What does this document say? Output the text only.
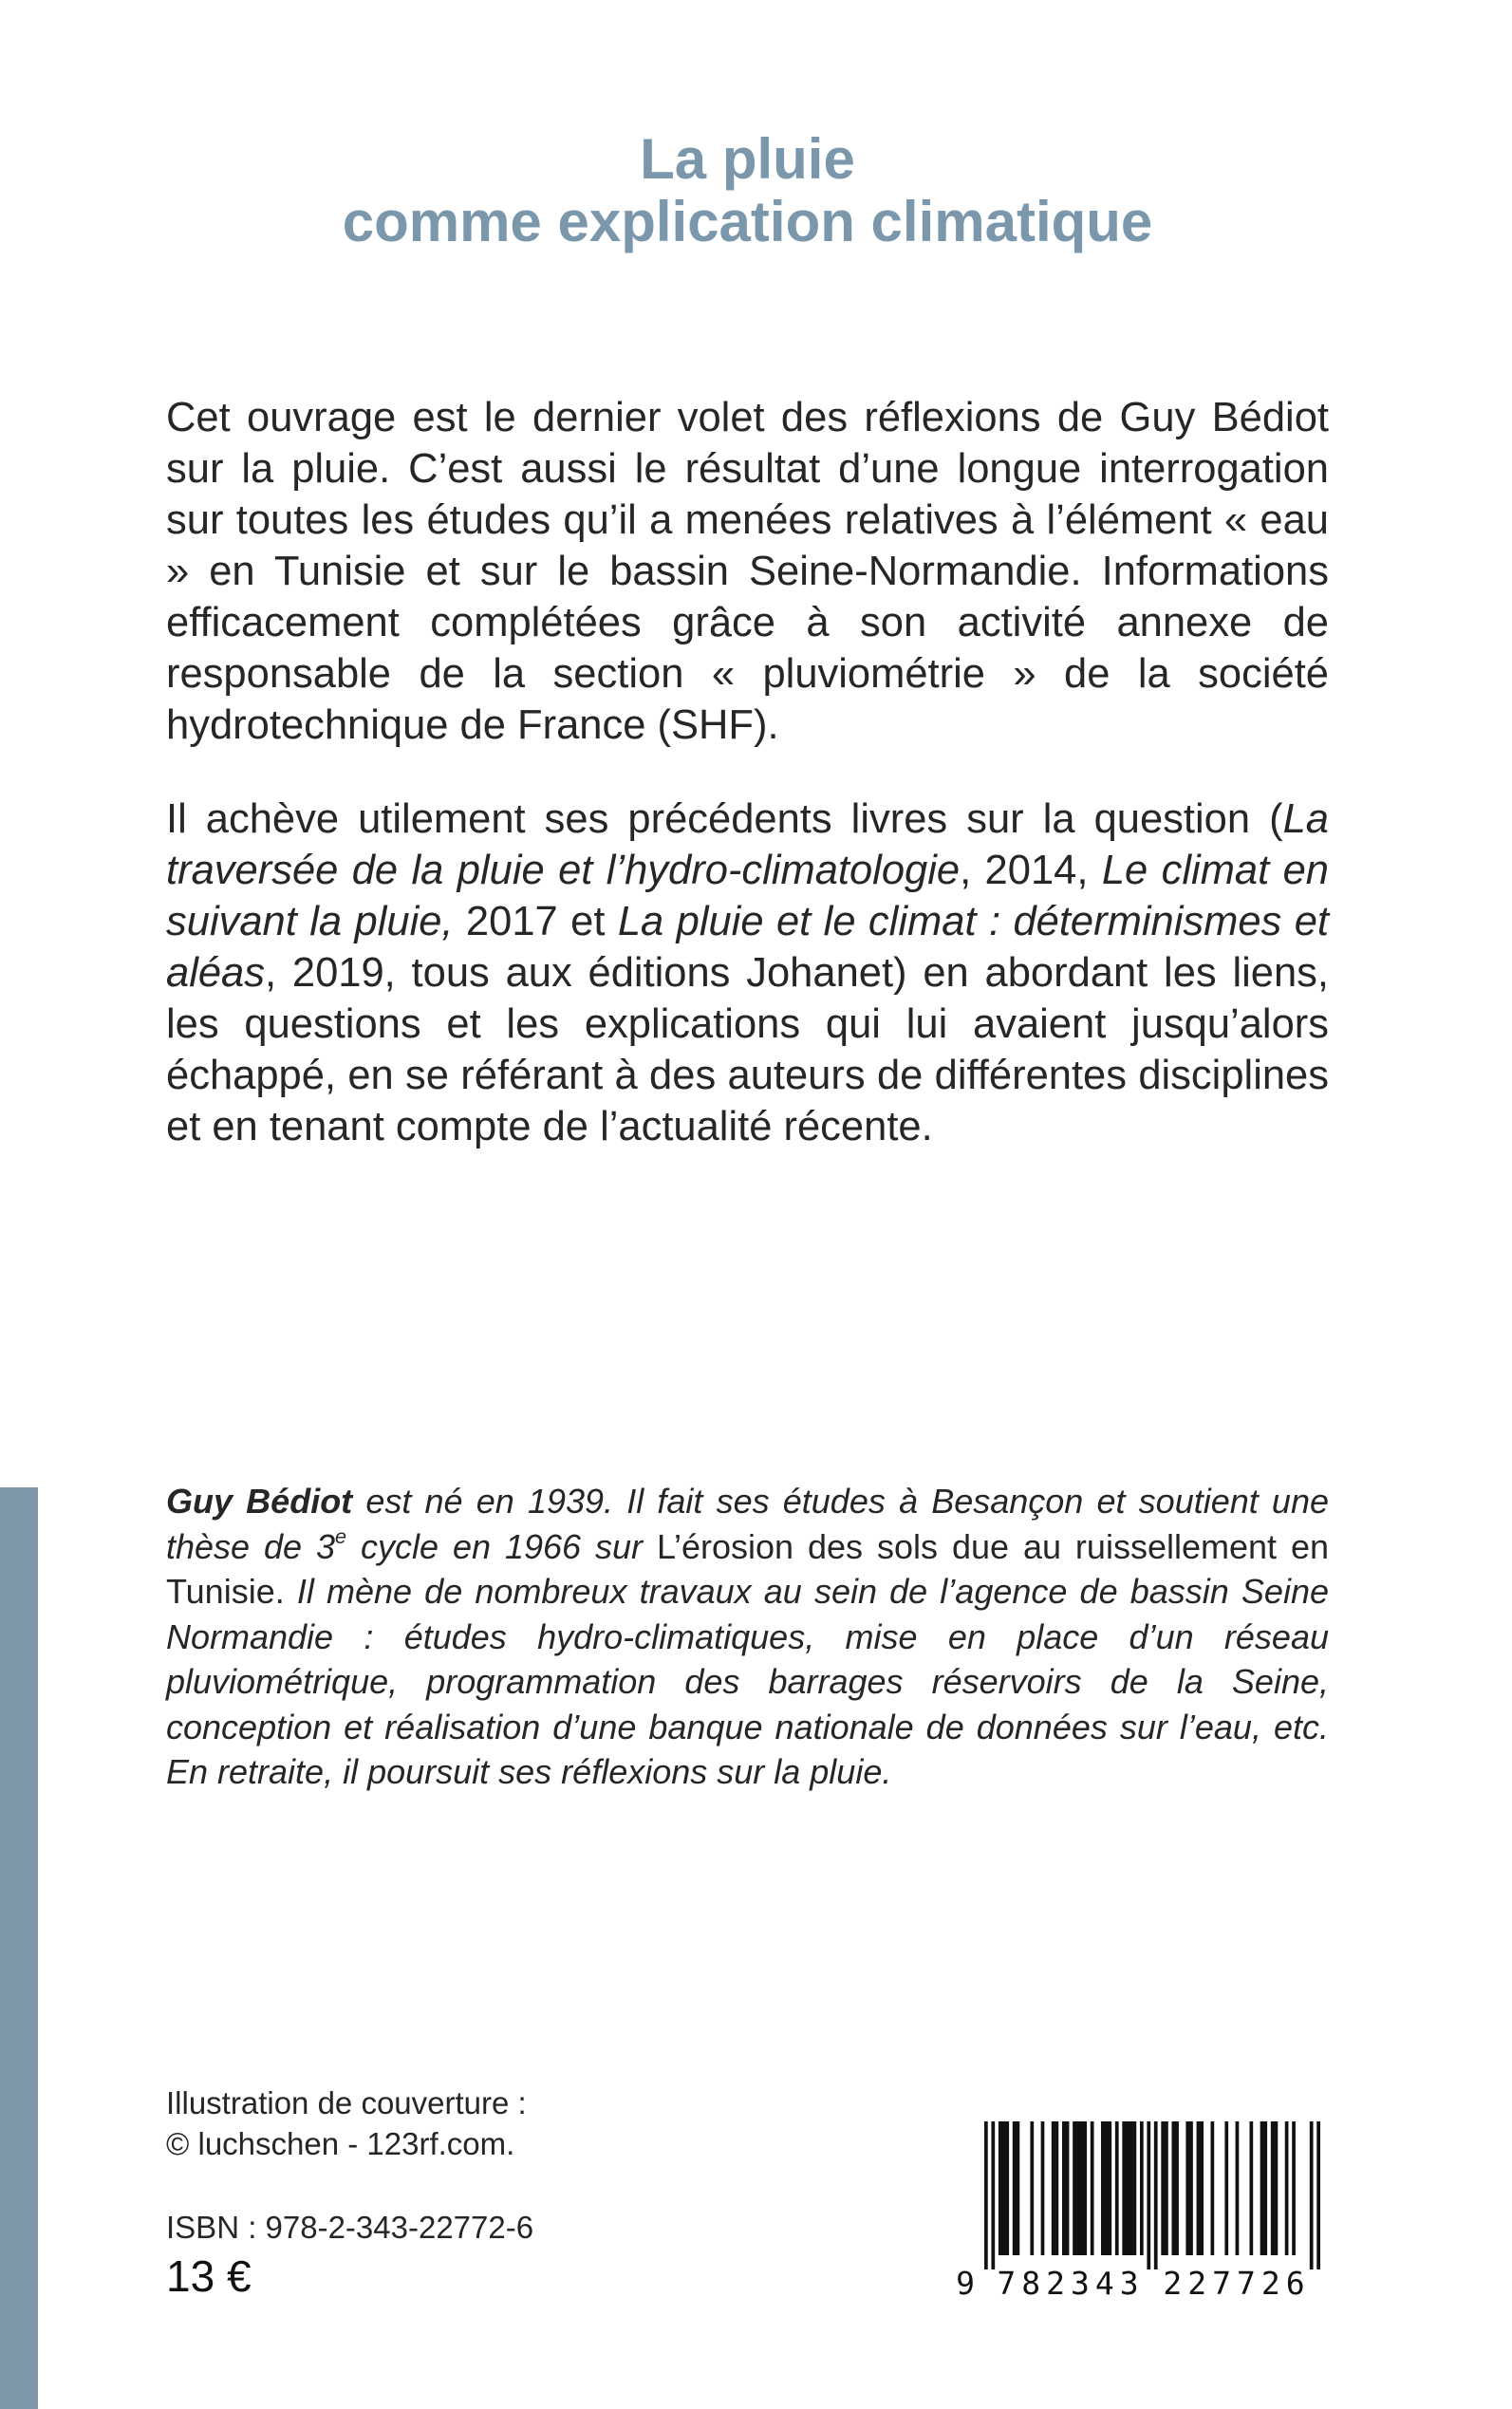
La pluie
comme explication climatique

Cet ouvrage est le dernier volet des réflexions de Guy Bédiot sur la pluie. C’est aussi le résultat d’une longue interrogation sur toutes les études qu’il a menées relatives à l’élément « eau » en Tunisie et sur le bassin Seine-Normandie. Informations efficacement complétées grâce à son activité annexe de responsable de la section « pluviométrie » de la société hydrotechnique de France (SHF).

Il achève utilement ses précédents livres sur la question (La traversée de la pluie et l’hydro-climatologie, 2014, Le climat en suivant la pluie, 2017 et La pluie et le climat : déterminismes et aléas, 2019, tous aux éditions Johanet) en abordant les liens, les questions et les explications qui lui avaient jusqu’alors échappé, en se référant à des auteurs de différentes disciplines et en tenant compte de l’actualité récente.

Guy Bédiot est né en 1939. Il fait ses études à Besançon et soutient une thèse de 3e cycle en 1966 sur L’érosion des sols due au ruissellement en Tunisie. Il mène de nombreux travaux au sein de l’agence de bassin Seine Normandie : études hydro-climatiques, mise en place d’un réseau pluviométrique, programmation des barrages réservoirs de la Seine, conception et réalisation d’une banque nationale de données sur l’eau, etc. En retraite, il poursuit ses réflexions sur la pluie.

Illustration de couverture :
© luchschen - 123rf.com.
ISBN : 978-2-343-22772-6
13 €	9 782343 227726
